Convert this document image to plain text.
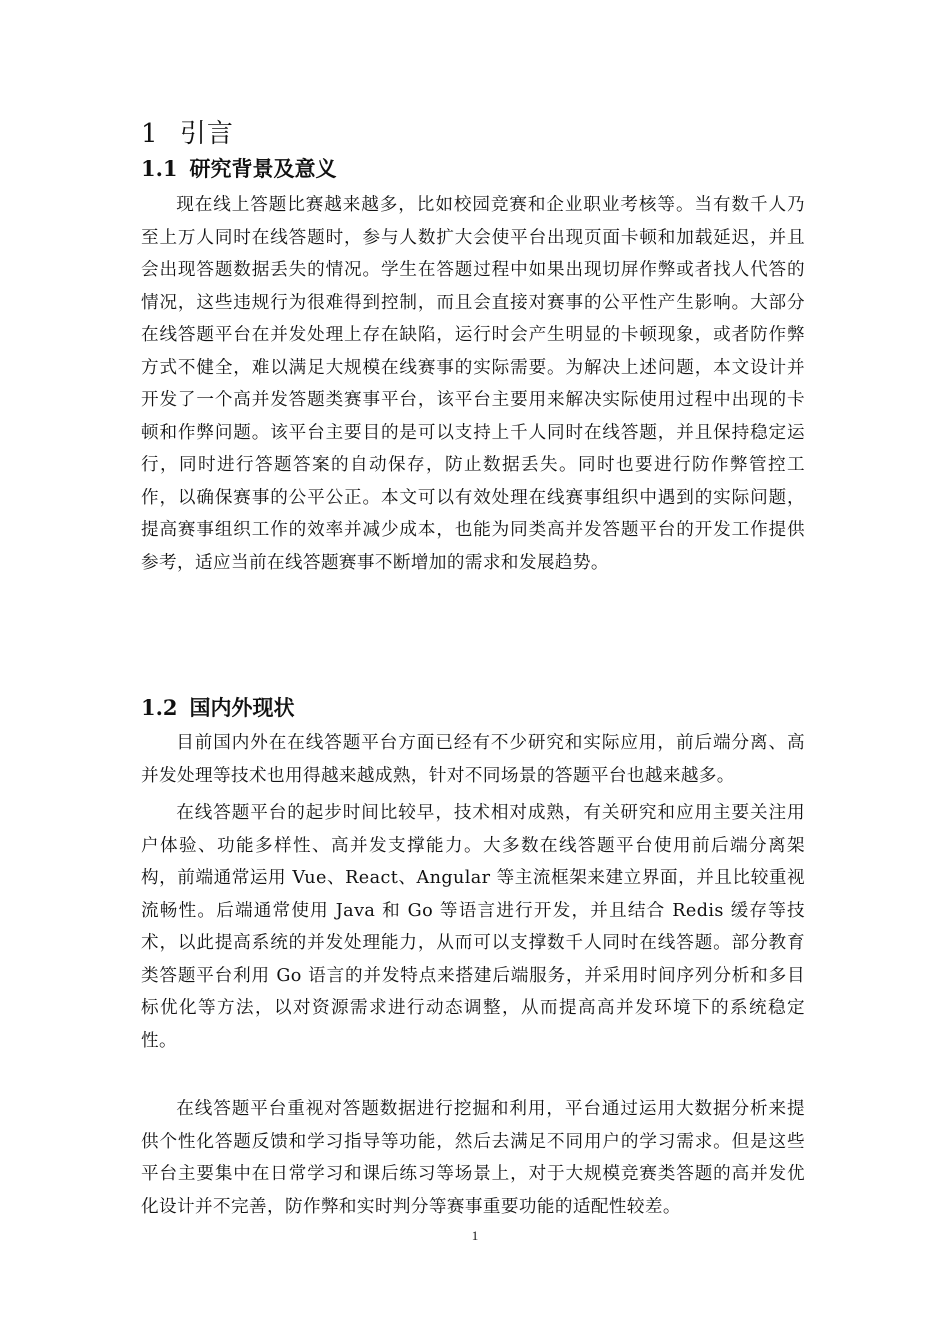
1 引言
1.1 研究背景及意义

现在线上答题比赛越来越多，比如校园竞赛和企业职业考核等。当有数千人乃至上万人同时在线答题时，参与人数扩大会使平台出现页面卡顿和加载延迟，并且会出现答题数据丢失的情况。学生在答题过程中如果出现切屏作弊或者找人代答的情况，这些违规行为很难得到控制，而且会直接对赛事的公平性产生影响。大部分在线答题平台在并发处理上存在缺陷，运行时会产生明显的卡顿现象，或者防作弊方式不健全，难以满足大规模在线赛事的实际需要。为解决上述问题，本文设计并开发了一个高并发答题类赛事平台，该平台主要用来解决实际使用过程中出现的卡顿和作弊问题。该平台主要目的是可以支持上千人同时在线答题，并且保持稳定运行，同时进行答题答案的自动保存，防止数据丢失。同时也要进行防作弊管控工作，以确保赛事的公平公正。本文可以有效处理在线赛事组织中遇到的实际问题，提高赛事组织工作的效率并减少成本，也能为同类高并发答题平台的开发工作提供参考，适应当前在线答题赛事不断增加的需求和发展趋势。

1.2 国内外现状

目前国内外在在线答题平台方面已经有不少研究和实际应用，前后端分离、高并发处理等技术也用得越来越成熟，针对不同场景的答题平台也越来越多。

在线答题平台的起步时间比较早，技术相对成熟，有关研究和应用主要关注用户体验、功能多样性、高并发支撑能力。大多数在线答题平台使用前后端分离架构，前端通常运用 Vue、React、Angular 等主流框架来建立界面，并且比较重视流畅性。后端通常使用 Java 和 Go 等语言进行开发，并且结合 Redis 缓存等技术，以此提高系统的并发处理能力，从而可以支撑数千人同时在线答题。部分教育类答题平台利用 Go 语言的并发特点来搭建后端服务，并采用时间序列分析和多目标优化等方法，以对资源需求进行动态调整，从而提高高并发环境下的系统稳定性。

在线答题平台重视对答题数据进行挖掘和利用，平台通过运用大数据分析来提供个性化答题反馈和学习指导等功能，然后去满足不同用户的学习需求。但是这些平台主要集中在日常学习和课后练习等场景上，对于大规模竞赛类答题的高并发优化设计并不完善，防作弊和实时判分等赛事重要功能的适配性较差。

1
